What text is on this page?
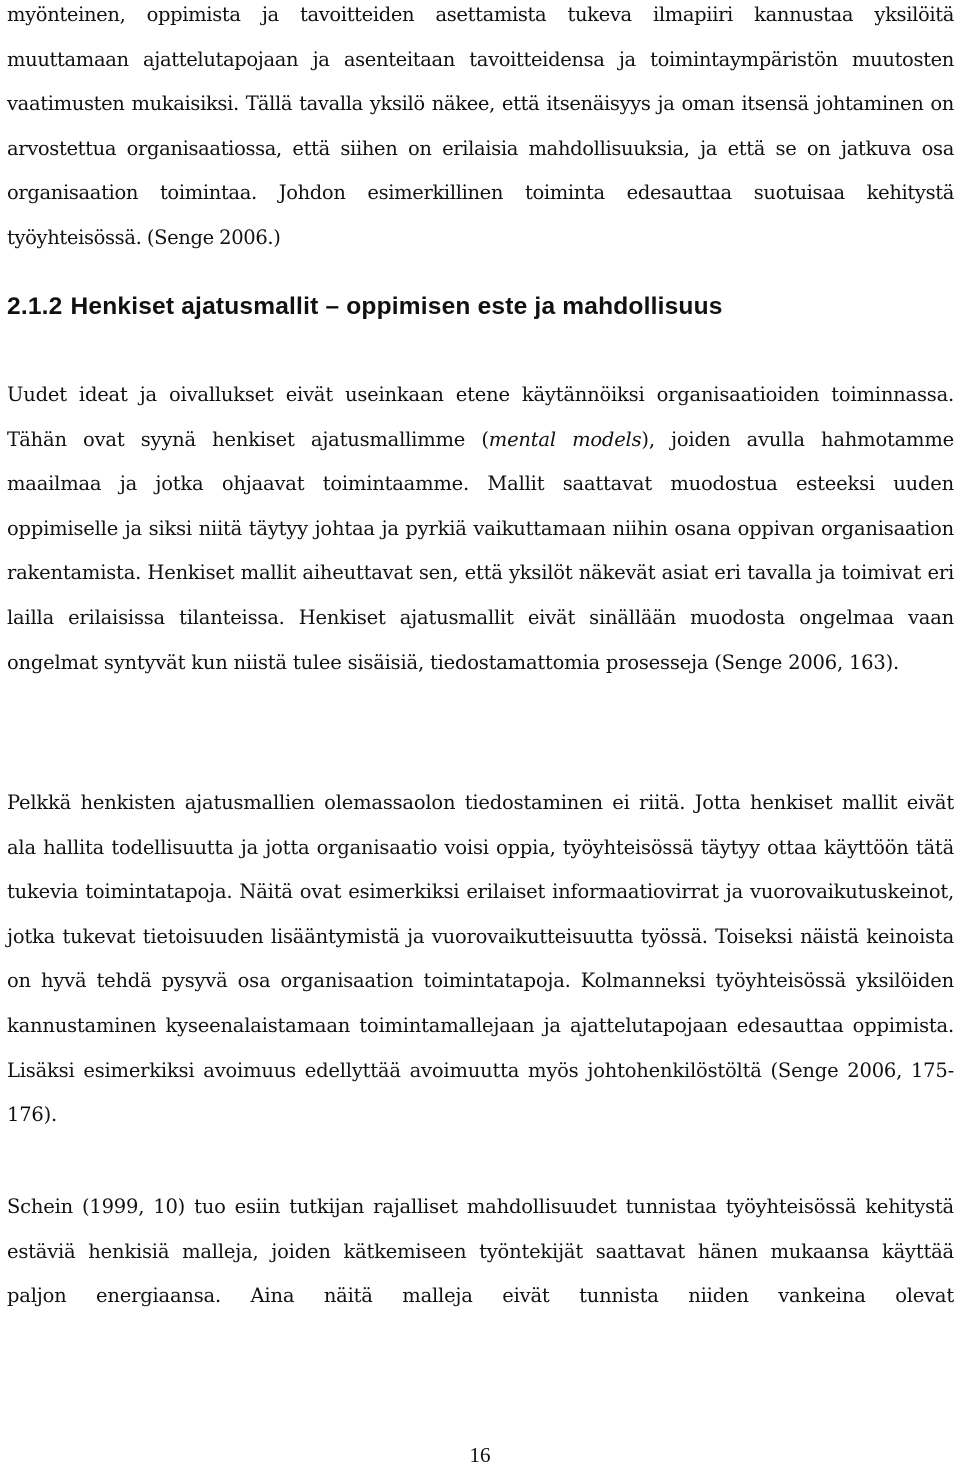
myönteinen, oppimista ja tavoitteiden asettamista tukeva ilmapiiri kannustaa yksilöitä muuttamaan ajattelutapojaan ja asenteitaan tavoitteidensa ja toimintaympäristön muutosten vaatimusten mukaisiksi. Tällä tavalla yksilö näkee, että itsenäisyys ja oman itsensä johtaminen on arvostettua organisaatiossa, että siihen on erilaisia mahdollisuuksia, ja että se on jatkuva osa organisaation toimintaa. Johdon esimerkillinen toiminta edesauttaa suotuisaa kehitystä työyhteisössä. (Senge 2006.)

2.1.2 Henkiset ajatusmallit – oppimisen este ja mahdollisuus

Uudet ideat ja oivallukset eivät useinkaan etene käytännöiksi organisaatioiden toiminnassa. Tähän ovat syynä henkiset ajatusmallimme (mental models), joiden avulla hahmotamme maailmaa ja jotka ohjaavat toimintaamme. Mallit saattavat muodostua esteeksi uuden oppimiselle ja siksi niitä täytyy johtaa ja pyrkiä vaikuttamaan niihin osana oppivan organisaation rakentamista. Henkiset mallit aiheuttavat sen, että yksilöt näkevät asiat eri tavalla ja toimivat eri lailla erilaisissa tilanteissa. Henkiset ajatusmallit eivät sinällään muodosta ongelmaa vaan ongelmat syntyvät kun niistä tulee sisäisiä, tiedostamattomia prosesseja (Senge 2006, 163).

Pelkkä henkisten ajatusmallien olemassaolon tiedostaminen ei riitä. Jotta henkiset mallit eivät ala hallita todellisuutta ja jotta organisaatio voisi oppia, työyhteisössä täytyy ottaa käyttöön tätä tukevia toimintatapoja. Näitä ovat esimerkiksi erilaiset informaatiovirrat ja vuorovaikutuskeinot, jotka tukevat tietoisuuden lisääntymistä ja vuorovaikutteisuutta työssä. Toiseksi näistä keinoista on hyvä tehdä pysyvä osa organisaation toimintatapoja. Kolmanneksi työyhteisössä yksilöiden kannustaminen kyseenalaistamaan toimintamallejaan ja ajattelutapojaan edesauttaa oppimista. Lisäksi esimerkiksi avoimuus edellyttää avoimuutta myös johtohenkilöstöltä (Senge 2006, 175-176).

Schein (1999, 10) tuo esiin tutkijan rajalliset mahdollisuudet tunnistaa työyhteisössä kehitystä estäviä henkisiä malleja, joiden kätkemiseen työntekijät saattavat hänen mukaansa käyttää paljon energiaansa. Aina näitä malleja eivät tunnista niiden vankeina olevat

16
